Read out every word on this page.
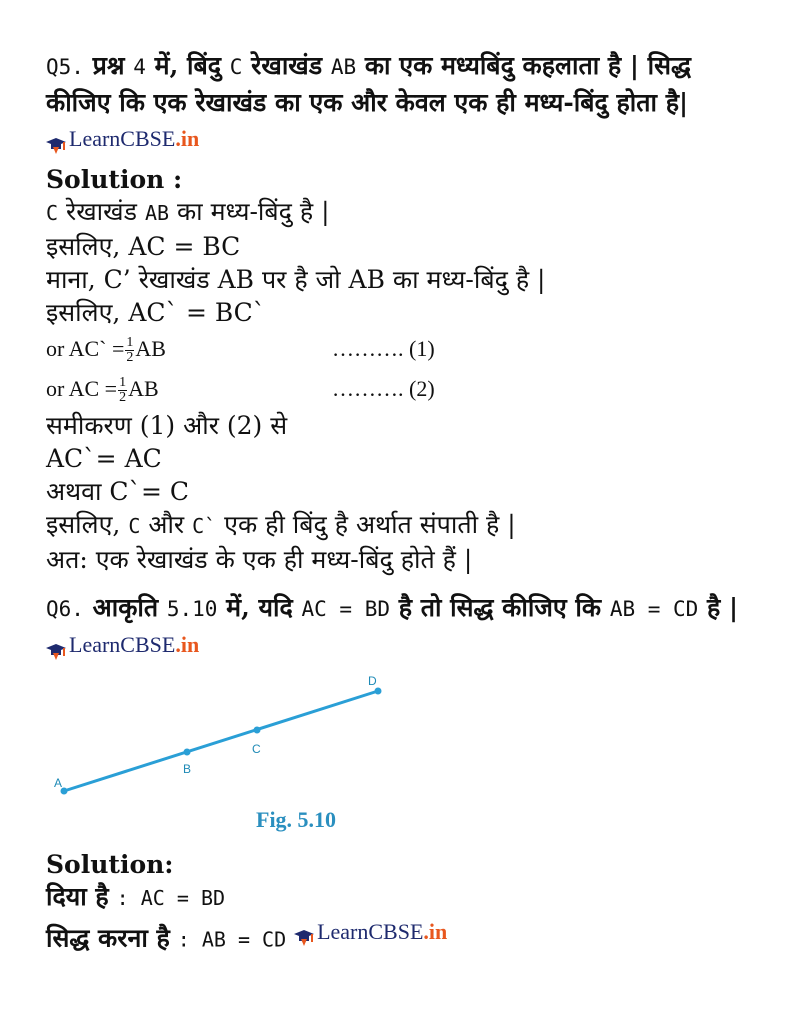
Q5. प्रश्न 4 में, बिंदु C रेखाखंड AB का एक मध्यबिंदु कहलाता है | सिद्ध कीजिए कि एक रेखाखंड का एक और केवल एक ही मध्य-बिंदु होता है|
LearnCBSE .in
Solution :
C रेखाखंड AB का मध्य-बिंदु है |
इसलिए, AC = BC
माना, C’ रेखाखंड AB पर है जो AB का मध्य-बिंदु है |
इसलिए, AC` = BC`
or AC` = $\frac{1}{2}$ AB	………. (1)
or AC = $\frac{1}{2}$ AB	………. (2)
समीकरण (1) और (2) से
AC`= AC
अथवा C`= C
इसलिए, C और C` एक ही बिंदु है अर्थात संपाती है |
अत: एक रेखाखंड के एक ही मध्य-बिंदु होते हैं |
Q6. आकृति 5.10 में, यदि AC = BD है तो सिद्ध कीजिए कि AB = CD है |
LearnCBSE .in
A
B
C
D
Fig. 5.10
Solution:
दिया है : AC = BD
सिद्ध करना है : AB = CD LearnCBSE .in
